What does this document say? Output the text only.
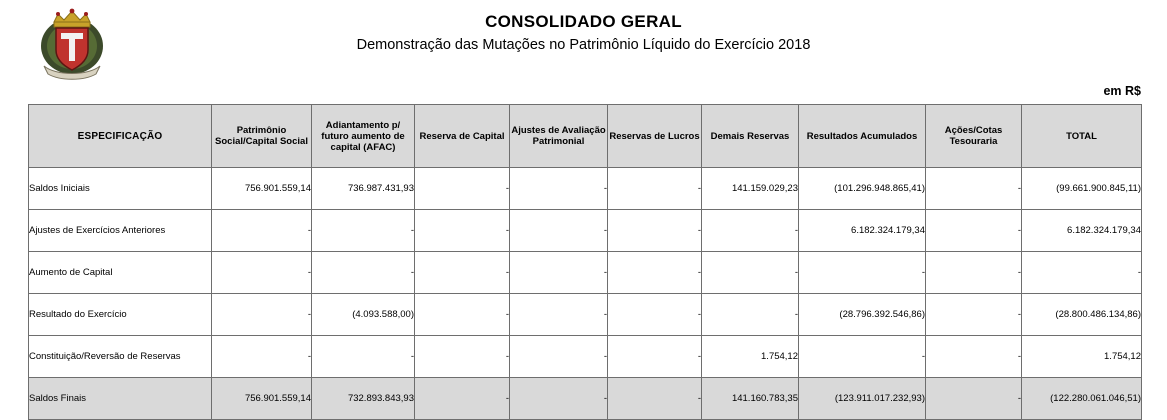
CONSOLIDADO GERAL
Demonstração das Mutações no Patrimônio Líquido do Exercício 2018
em R$
ESPECIFICAÇÃO	Patrimônio Social/Capital Social	Adiantamento p/ futuro aumento de capital (AFAC)	Reserva de Capital	Ajustes de Avaliação Patrimonial	Reservas de Lucros	Demais Reservas	Resultados Acumulados	Ações/Cotas Tesouraria	TOTAL
Saldos Iniciais	756.901.559,14	736.987.431,93	-	-	-	141.159.029,23	(101.296.948.865,41)	-	(99.661.900.845,11)
Ajustes de Exercícios Anteriores	-	-	-	-	-	-	6.182.324.179,34	-	6.182.324.179,34
Aumento de Capital	-	-	-	-	-	-	-	-	-
Resultado do Exercício	-	(4.093.588,00)	-	-	-	-	(28.796.392.546,86)	-	(28.800.486.134,86)
Constituição/Reversão de Reservas	-	-	-	-	-	1.754,12	-	-	1.754,12
Saldos Finais	756.901.559,14	732.893.843,93	-	-	-	141.160.783,35	(123.911.017.232,93)	-	(122.280.061.046,51)
